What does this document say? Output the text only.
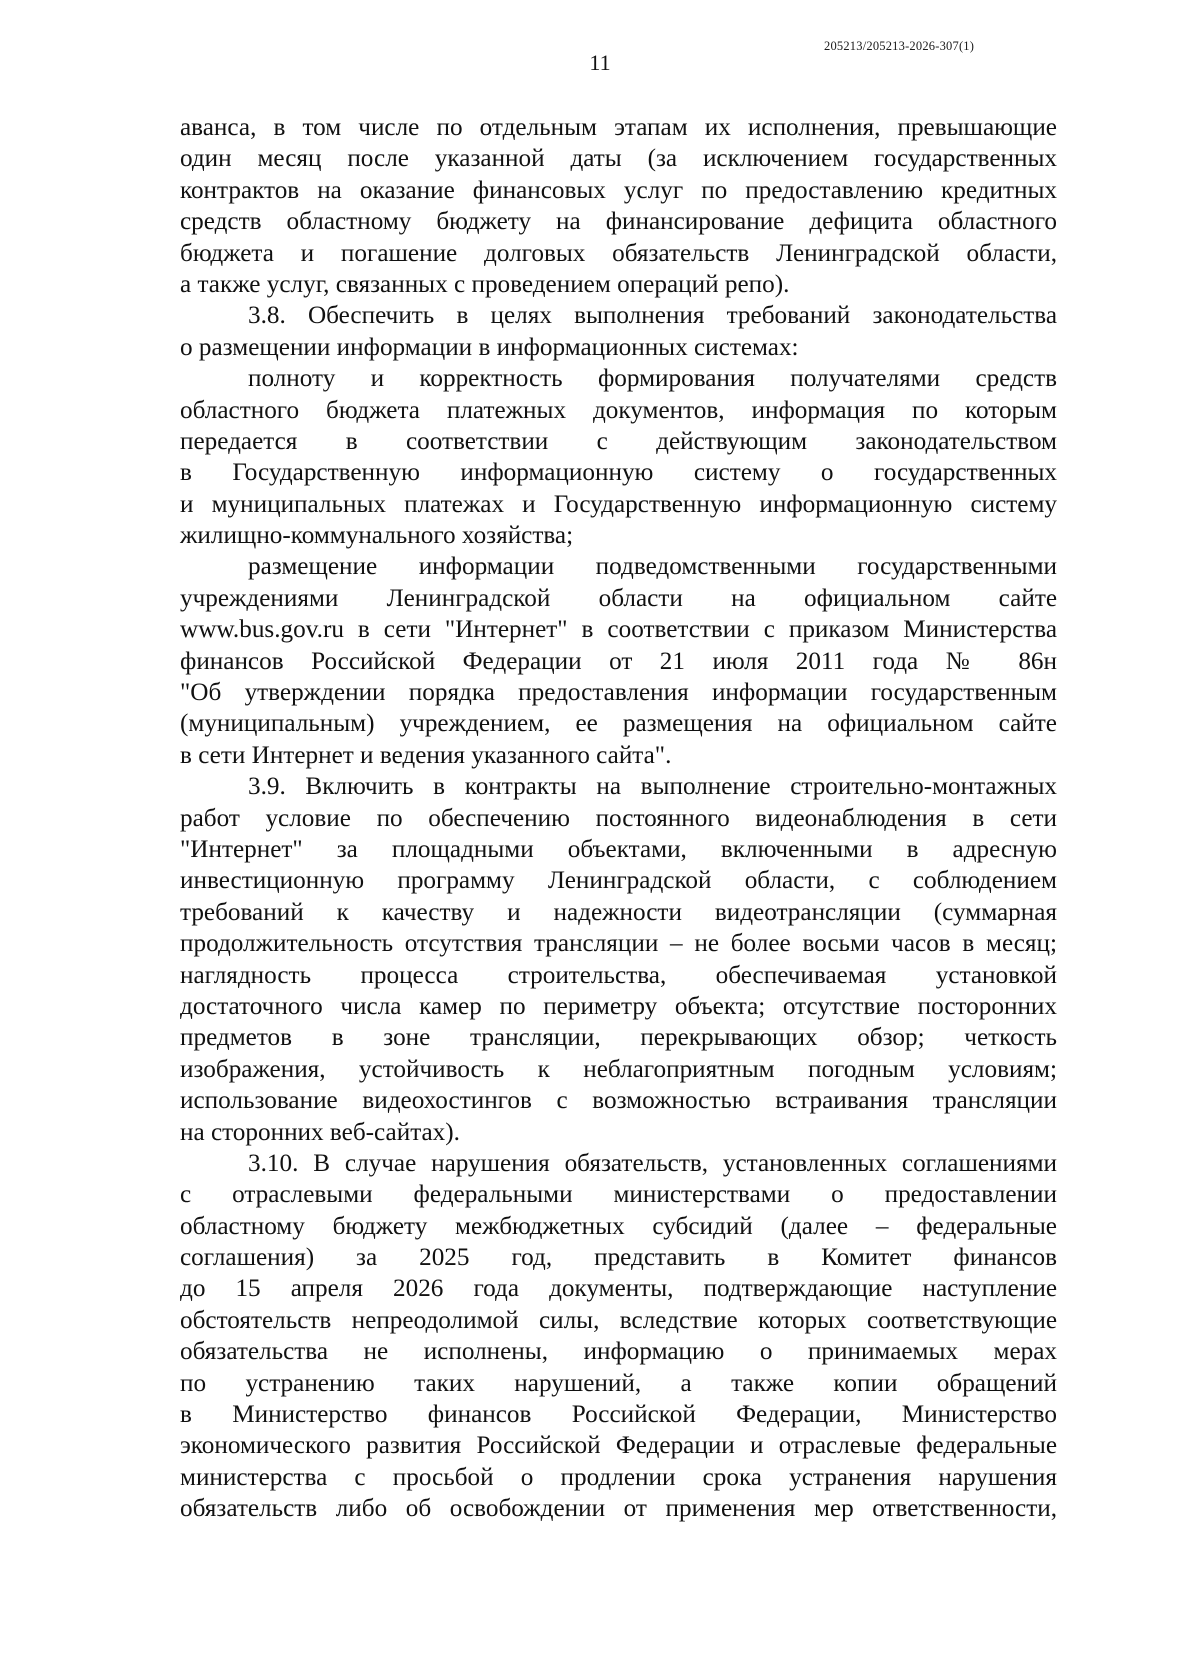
205213/205213-2026-307(1)
11
аванса, в том числе по отдельным этапам их исполнения, превышающие
один месяц после указанной даты (за исключением государственных
контрактов на оказание финансовых услуг по предоставлению кредитных
средств областному бюджету на финансирование дефицита областного
бюджета и погашение долговых обязательств Ленинградской области,
а также услуг, связанных с проведением операций репо).
3.8. Обеспечить в целях выполнения требований законодательства
о размещении информации в информационных системах:
полноту и корректность формирования получателями средств
областного бюджета платежных документов, информация по которым
передается в соответствии с действующим законодательством
в Государственную информационную систему о государственных
и муниципальных платежах и Государственную информационную систему
жилищно-коммунального хозяйства;
размещение информации подведомственными государственными
учреждениями Ленинградской области на официальном сайте
www.bus.gov.ru в сети "Интернет" в соответствии с приказом Министерства
финансов Российской Федерации от 21 июля 2011 года № 86н
"Об утверждении порядка предоставления информации государственным
(муниципальным) учреждением, ее размещения на официальном сайте
в сети Интернет и ведения указанного сайта".
3.9. Включить в контракты на выполнение строительно-монтажных
работ условие по обеспечению постоянного видеонаблюдения в сети
"Интернет" за площадными объектами, включенными в адресную
инвестиционную программу Ленинградской области, с соблюдением
требований к качеству и надежности видеотрансляции (суммарная
продолжительность отсутствия трансляции – не более восьми часов в месяц;
наглядность процесса строительства, обеспечиваемая установкой
достаточного числа камер по периметру объекта; отсутствие посторонних
предметов в зоне трансляции, перекрывающих обзор; четкость
изображения, устойчивость к неблагоприятным погодным условиям;
использование видеохостингов с возможностью встраивания трансляции
на сторонних веб-сайтах).
3.10. В случае нарушения обязательств, установленных соглашениями
с отраслевыми федеральными министерствами о предоставлении
областному бюджету межбюджетных субсидий (далее – федеральные
соглашения) за 2025 год, представить в Комитет финансов
до 15 апреля 2026 года документы, подтверждающие наступление
обстоятельств непреодолимой силы, вследствие которых соответствующие
обязательства не исполнены, информацию о принимаемых мерах
по устранению таких нарушений, а также копии обращений
в Министерство финансов Российской Федерации, Министерство
экономического развития Российской Федерации и отраслевые федеральные
министерства с просьбой о продлении срока устранения нарушения
обязательств либо об освобождении от применения мер ответственности,
